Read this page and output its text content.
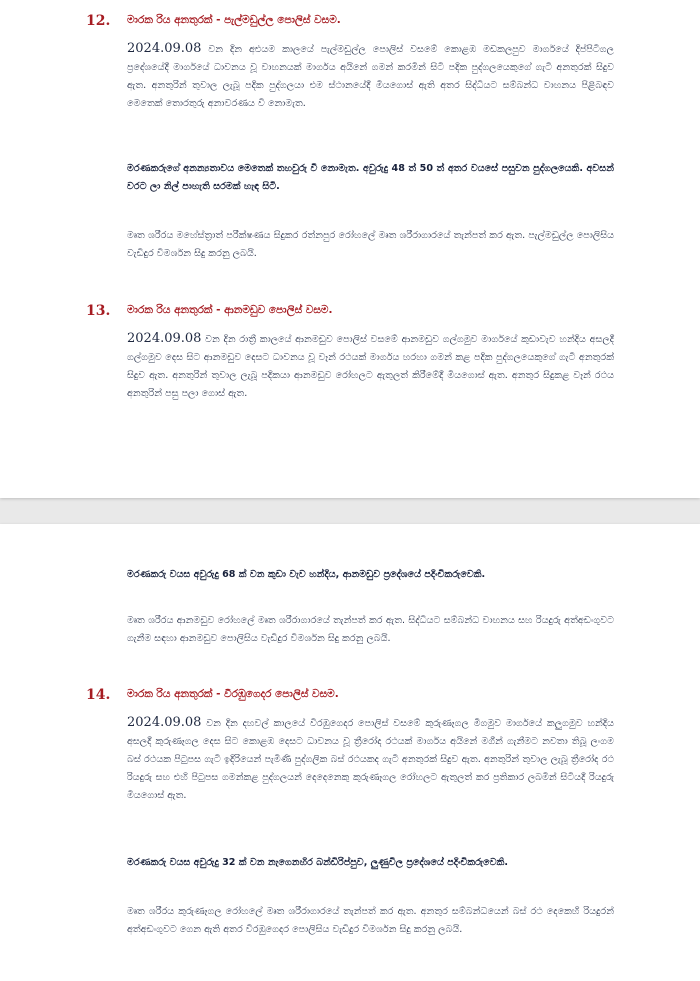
12. මාරක රිය අනතුරක් - පැල්මඩුල්ල පොලිස් වසම.

2024.09.08 වන දින අළුයම කාලයේ පැල්මඩුල්ල පොලිස් වසමේ කොළඹ මඩකලපුව මාර්ගයේ දිප්පිටිගල ප්‍රදේශයේදී මාර්ගයේ ධාවනය වූ වාහනයක් මාර්ගය අයිනේ ගමන් කරමින් සිටි පදික පුද්ගලයෙකුගේ ගැටී අනතුරක් සිදුව ඇත. අනතුරින් තුවාල ලැබූ පදික පුද්ගලයා එම ස්ථානයේදී මියගොස් ඇති අතර සිද්ධියට සම්බන්ධ වාහනය පිළිබඳව මෙතෙක් තොරතුරු අනාවරණය වී නොමැත.

මරණකරුගේ අනන්‍යතාවය මෙතෙක් තහවුරු වී නොමැත. අවුරුදු 48 ත් 50 ත් අතර වයසේ පසුවන පුද්ගලයෙකි. අවසන් වරට ලා නිල් පාහැති සරමක් හැඳ සිටී.

මෘත ශරීරය මහේස්ත්‍රාත් පරීක්ෂණය සිදුකර රත්නපුර රෝහලේ මෘත ශරීරාගාරයේ තැන්පත් කර ඇත. පැල්මඩුල්ල පොලිසිය වැඩිදුර විමර්ශන සිදු කරනු ලබයි.

13. මාරක රිය අනතුරක් - ආනමඩුව පොලිස් වසම.

2024.09.08 වන දින රාත්‍රී කාලයේ ආනමඩුව පොලිස් වසමේ ආනමඩුව ගල්ගමුව මාර්ගයේ කුඩාවැව හන්දිය අසලදී ගල්ගමුව දෙස සිට ආනමඩුව දෙසට ධාවනය වූ වෑන් රථයක් මාර්ගය හරහා ගමන් කළ පදික පුද්ගලයෙකුගේ ගැටී අනතුරක් සිදුව ඇත. අනතුරින් තුවාල ලැබූ පදිකයා ආනමඩුව රෝහලට ඇතුලත් කිරීමේදී මියගොස් ඇත. අනතුර සිදුකළ වෑන් රථය අනතුරින් පසු පලා ගොස් ඇත.

මරණකරු වයස අවුරුදු 68 ක් වන කුඩා වැව හන්දිය, ආනමඩුව ප්‍රදේශයේ පදිංචිකරුවෙකි.

මෘත ශරීරය ආනමඩුව රෝහලේ මෘත ශරීරාගාරයේ තැන්පත් කර ඇත. සිද්ධියට සම්බන්ධ වාහනය සහ රියදුරු අත්අඩංගුවට ගැනීම සඳහා ආනමඩුව පොලිසිය වැඩිදුර විමර්ශන සිදු කරනු ලබයි.

14. මාරක රිය අනතුරක් - වීරඹුගෙදර පොලිස් වසම.

2024.09.08 වන දින දහවල් කාලයේ වීරඹුගෙදර පොලිස් වසමේ කුරුණෑගල මීගමුව මාර්ගයේ කලුගමුව හන්දිය අසලදී කුරුණෑගල දෙස සිට කොළඹ දෙසට ධාවනය වූ ත්‍රීරෝද රථයක් මාර්ගය අයිනේ මගීන් ගැනීමට නවතා තිබූ ලංගම බස් රථයක පිටුපස ගැටී ඉදිරියෙන් පැමිණි පුද්ගලික බස් රථයකද ගැටී අනතුරක් සිදුව ඇත. අනතුරින් තුවාල ලැබූ ත්‍රීරෝද රථ රියදුරු සහ එහි පිටුපස ගමන්කළ පුද්ගලයන් දෙදෙනෙකු කුරුණෑගල රෝහලට ඇතුලත් කර ප්‍රතිකාර ලබමින් සිටියදී රියදුරු මියගොස් ඇත.

මරණකරු වයස අවුරුදු 32 ක් වන නැගෙනහිර බන්ඩිරිප්පුව, ලුණුවිල ප්‍රදේශයේ පදිංචිකරුවෙකි.

මෘත ශරීරය කුරුණෑගල රෝහලේ මෘත ශරීරාගාරයේ තැන්පත් කර ඇත. අනතුර සම්බන්ධයෙන් බස් රථ දෙකෙහි රියදුරන් අත්අඩංගුවට ගෙන ඇති අතර වීරඹුගෙදර පොලිසිය වැඩිදුර විමර්ශන සිදු කරනු ලබයි.
